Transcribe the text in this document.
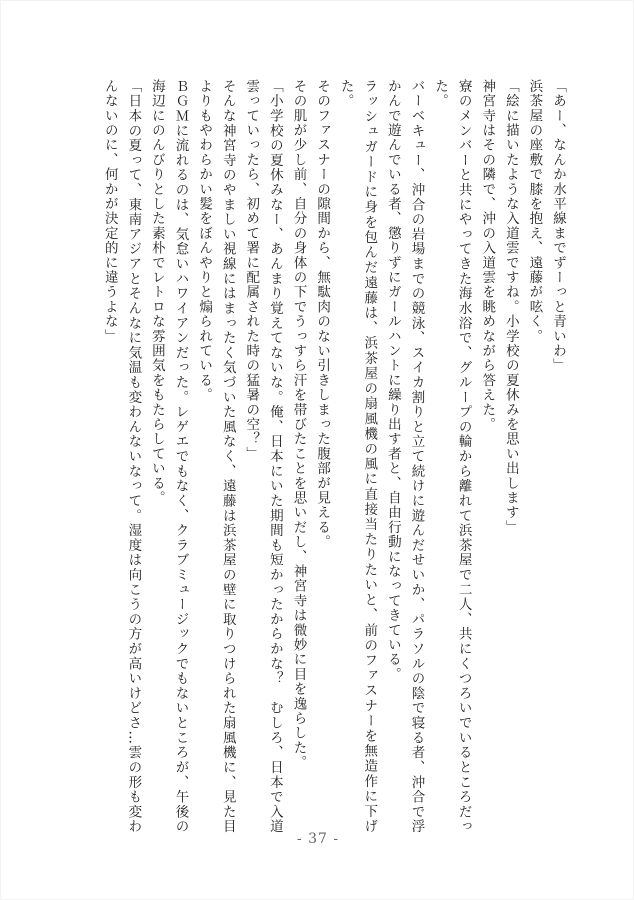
「あー、なんか水平線までずーっと青いわ」

浜茶屋の座敷で膝を抱え、遠藤が呟く。

「絵に描いたような入道雲ですね。小学校の夏休みを思い出します」

神宮寺はその隣で、沖の入道雲を眺めながら答えた。

寮のメンバーと共にやってきた海水浴で、グループの輪から離れて浜茶屋で二人、共にくつろいでいるところだった。

バーベキュー、沖合の岩場までの競泳、スイカ割りと立て続けに遊んだせいか、パラソルの陰で寝る者、沖合で浮かんで遊んでいる者、懲りずにガールハントに繰り出す者と、自由行動になってきている。

ラッシュガードに身を包んだ遠藤は、浜茶屋の扇風機の風に直接当たりたいと、前のファスナーを無造作に下げた。

そのファスナーの隙間から、無駄肉のない引きしまった腹部が見える。

その肌が少し前、自分の身体の下でうっすら汗を帯びたことを思いだし、神宮寺は微妙に目を逸らした。

「小学校の夏休みなー、あんまり覚えてないな。俺、日本にいた期間も短かったからかな？　むしろ、日本で入道雲っていったら、初めて署に配属された時の猛暑の空？」

そんな神宮寺のやましい視線にはまったく気づいた風なく、遠藤は浜茶屋の壁に取りつけられた扇風機に、見た目よりもやわらかい髪をぼんやりと煽られている。

ＢＧＭに流れるのは、気怠いハワイアンだった。レゲエでもなく、クラブミュージックでもないところが、午後の海辺にのんびりとした素朴でレトロな雰囲気をもたらしている。

「日本の夏って、東南アジアとそんなに気温も変わんないなって。湿度は向こうの方が高いけどさ…雲の形も変わんないのに、何かが決定的に違うよな」

- 37 -
